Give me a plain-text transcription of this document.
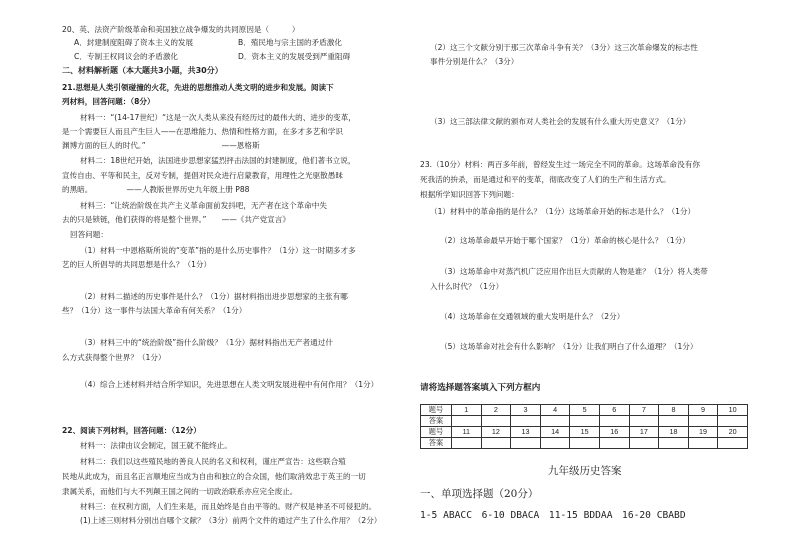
20、英、法资产阶级革命和美国独立战争爆发的共同原因是（　　　）
A．封建制度阻碍了资本主义的发展	B．殖民地与宗主国的矛盾激化
C．专制王权同议会的矛盾激化	D．资本主义的发展受到严重阻碍
二、材料解析题（本大题共3小题，共30分）
21.思想是人类引领碰撞的火花，先进的思想推动人类文明的进步和发展。阅读下
列材料，回答问题：（8分）
材料一：“(14-17世纪）“这是一次人类从来没有经历过的最伟大的、进步的变革，
是一个需要巨人而且产生巨人——在思维能力、热情和性格方面，在多才多艺和学识
渊博方面的巨人的时代。”　　　　　　　　　　——恩格斯
材料二：18世纪开始，法国进步思想家猛烈抨击法国的封建制度，他们著书立说，
宣传自由、平等和民主，反对专制，提倡对民众进行启蒙教育，用理性之光驱散愚昧
的黑暗。　　　　　——人教版世界历史九年级上册 P88
材料三：“让统治阶级在共产主义革命面前发抖吧，无产者在这个革命中失
去的只是锁链，他们获得的将是整个世界。”　　——《共产党宣言》
回答问题：
（1）材料一中恩格斯所说的“变革”指的是什么历史事件？（1分）这一时期多才多
艺的巨人所倡导的共同思想是什么？（1分）
（2）材料二描述的历史事件是什么？（1分）据材料指出进步思想家的主张有哪
些？（1分）这一事件与法国大革命有何关系？（1分）
（3）材料三中的“统治阶级”指什么阶级？（1分）据材料指出无产者通过什
么方式获得整个世界？（1分）
（4）综合上述材料并结合所学知识，先进思想在人类文明发展进程中有何作用？（1分）
22、阅读下列材料，回答问题：（12分）
材料一：法律由议会制定，国王就不能终止。
材料二：我们以这些殖民地的善良人民的名义和权利，谨庄严宣告：这些联合殖
民地从此成为，而且名正言顺地应当成为自由和独立的合众国，他们取消效忠于英王的一切
隶属关系，而他们与大不列颠王国之间的一切政治联系亦应完全废止。
材料三：在权利方面，人们生来是，而且始终是自由平等的。财产权是神圣不可侵犯的。
(1)上述三则材料分别出自哪个文献？（3分）前两个文件的通过产生了什么作用？（2分）
（2）这三个文献分别于那三次革命斗争有关？（3分）这三次革命爆发的标志性
事件分别是什么？（3分）
（3）这三部法律文献的颁布对人类社会的发展有什么重大历史意义？（1分）
23.（10分）材料：两百多年前，曾经发生过一场完全不同的革命。这场革命没有你
死我活的拚杀，而是通过和平的变革，彻底改变了人们的生产和生活方式。
根据所学知识回答下列问题：
（1）材料中的革命指的是什么？（1分）这场革命开始的标志是什么？（1分）
（2）这场革命最早开始于哪个国家？（1分）革命的核心是什么？（1分）
（3）这场革命中对蒸汽机广泛应用作出巨大贡献的人物是谁？（1分）将人类带
入什么时代？（1分）
（4）这场革命在交通领域的重大发明是什么？（2分）
（5）这场革命对社会有什么影响？（1分）让我们明白了什么道理？（1分）
请将选择题答案填入下列方框内
九年级历史答案
一、单项选择题（20分）
1-5 ABACC　6-10 DBACA　11-15 BDDAA　16-20 CBABD
题号	1	2	3	4	5	6	7	8	9	10
答案										
题号	11	12	13	14	15	16	17	18	19	20
答案										
